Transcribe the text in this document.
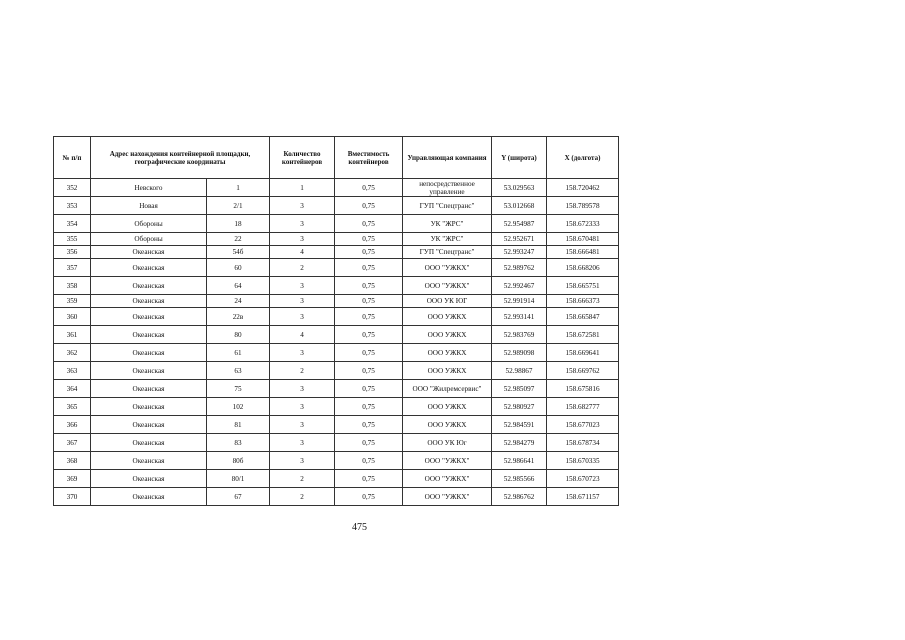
№ п/п	Адрес нахождения контейнерной площадки, географические координаты		Количество контейнеров	Вместимость контейнеров	Управляющая компания	Y (широта)	X (долгота)
352	Невского	1	1	0,75	непосредственное управление	53.029563	158.720462
353	Новая	2/1	3	0,75	ГУП "Спецтранс"	53.012668	158.789578
354	Обороны	18	3	0,75	УК "ЖРС"	52.954987	158.672333
355	Обороны	22	3	0,75	УК "ЖРС"	52.952671	158.670481
356	Океанская	54б	4	0,75	ГУП "Спецтранс"	52.993247	158.666481
357	Океанская	60	2	0,75	ООО "УЖКХ"	52.989762	158.668206
358	Океанская	64	3	0,75	ООО "УЖКХ"	52.992467	158.665751
359	Океанская	24	3	0,75	ООО УК ЮГ	52.991914	158.666373
360	Океанская	22в	3	0,75	ООО УЖКХ	52.993141	158.665847
361	Океанская	80	4	0,75	ООО УЖКХ	52.983769	158.672581
362	Океанская	61	3	0,75	ООО УЖКХ	52.989098	158.669641
363	Океанская	63	2	0,75	ООО УЖКХ	52.98867	158.669762
364	Океанская	75	3	0,75	ООО "Жилремсервис"	52.985097	158.675816
365	Океанская	102	3	0,75	ООО УЖКХ	52.980927	158.682777
366	Океанская	81	3	0,75	ООО УЖКХ	52.984591	158.677023
367	Океанская	83	3	0,75	ООО УК Юг	52.984279	158.678734
368	Океанская	80б	3	0,75	ООО "УЖКХ"	52.986641	158.670335
369	Океанская	80/1	2	0,75	ООО "УЖКХ"	52.985566	158.670723
370	Океанская	67	2	0,75	ООО "УЖКХ"	52.986762	158.671157
475
